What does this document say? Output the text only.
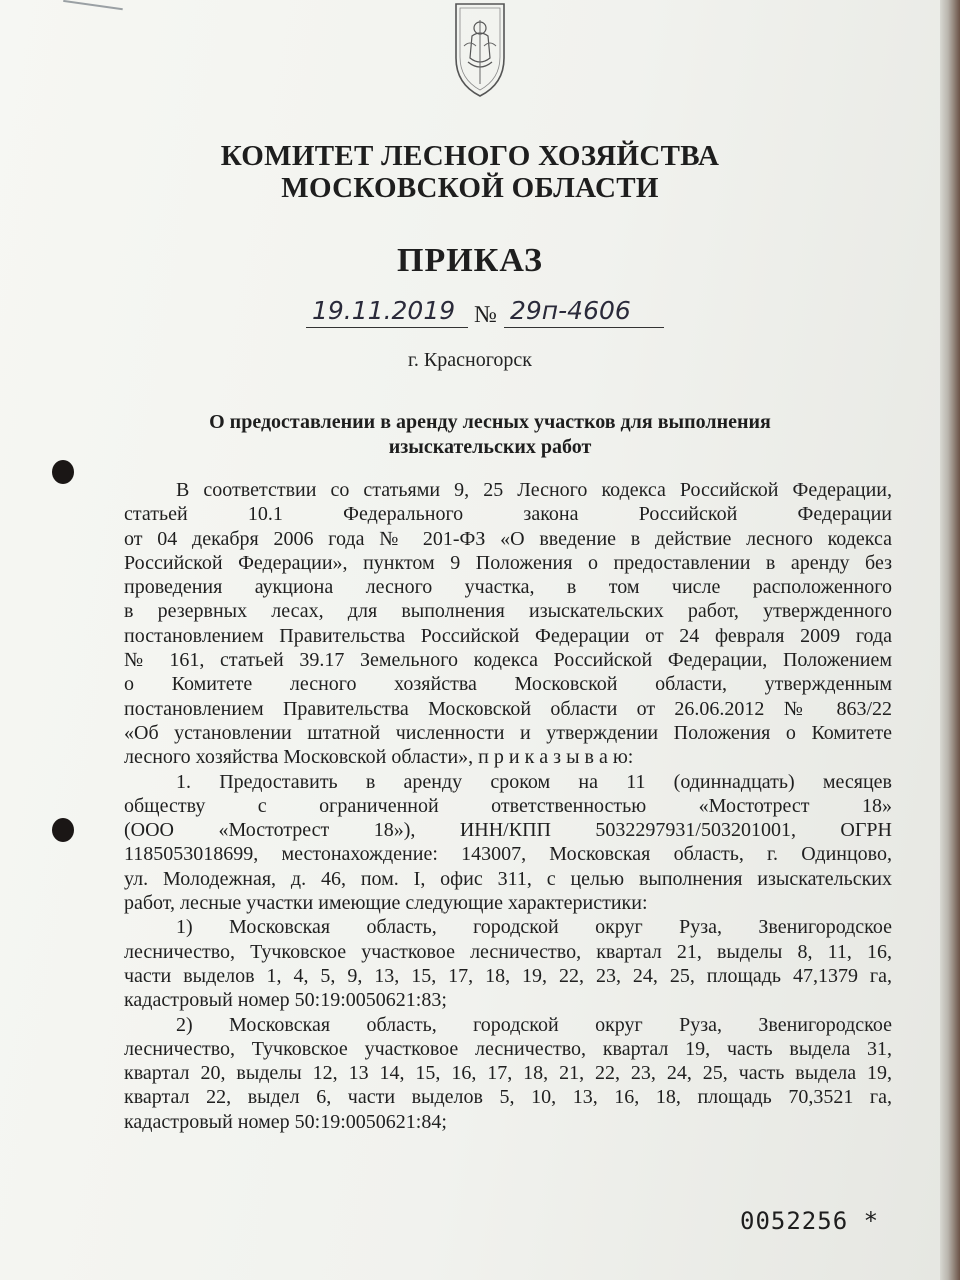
КОМИТЕТ ЛЕСНОГО ХОЗЯЙСТВА
МОСКОВСКОЙ ОБЛАСТИ
ПРИКАЗ
19.11.2019 № 29п-4606
г. Красногорск
О предоставлении в аренду лесных участков для выполнения
изыскательских работ
В соответствии со статьями 9, 25 Лесного кодекса Российской Федерации,
статьей 10.1 Федерального закона Российской Федерации
от 04 декабря 2006 года № 201-ФЗ «О введение в действие лесного кодекса
Российской Федерации», пунктом 9 Положения о предоставлении в аренду без
проведения аукциона лесного участка, в том числе расположенного
в резервных лесах, для выполнения изыскательских работ, утвержденного
постановлением Правительства Российской Федерации от 24 февраля 2009 года
№ 161, статьей 39.17 Земельного кодекса Российской Федерации, Положением
о Комитете лесного хозяйства Московской области, утвержденным
постановлением Правительства Московской области от 26.06.2012 № 863/22
«Об установлении штатной численности и утверждении Положения о Комитете
лесного хозяйства Московской области», п р и к а з ы в а ю:
1. Предоставить в аренду сроком на 11 (одиннадцать) месяцев
обществу с ограниченной ответственностью «Мостотрест 18»
(ООО «Мостотрест 18»), ИНН/КПП 5032297931/503201001, ОГРН
1185053018699, местонахождение: 143007, Московская область, г. Одинцово,
ул. Молодежная, д. 46, пом. I, офис 311, с целью выполнения изыскательских
работ, лесные участки имеющие следующие характеристики:
1) Московская область, городской округ Руза, Звенигородское
лесничество, Тучковское участковое лесничество, квартал 21, выделы 8, 11, 16,
части выделов 1, 4, 5, 9, 13, 15, 17, 18, 19, 22, 23, 24, 25, площадь 47,1379 га,
кадастровый номер 50:19:0050621:83;
2) Московская область, городской округ Руза, Звенигородское
лесничество, Тучковское участковое лесничество, квартал 19, часть выдела 31,
квартал 20, выделы 12, 13 14, 15, 16, 17, 18, 21, 22, 23, 24, 25, часть выдела 19,
квартал 22, выдел 6, части выделов 5, 10, 13, 16, 18, площадь 70,3521 га,
кадастровый номер 50:19:0050621:84;
0052256 *
